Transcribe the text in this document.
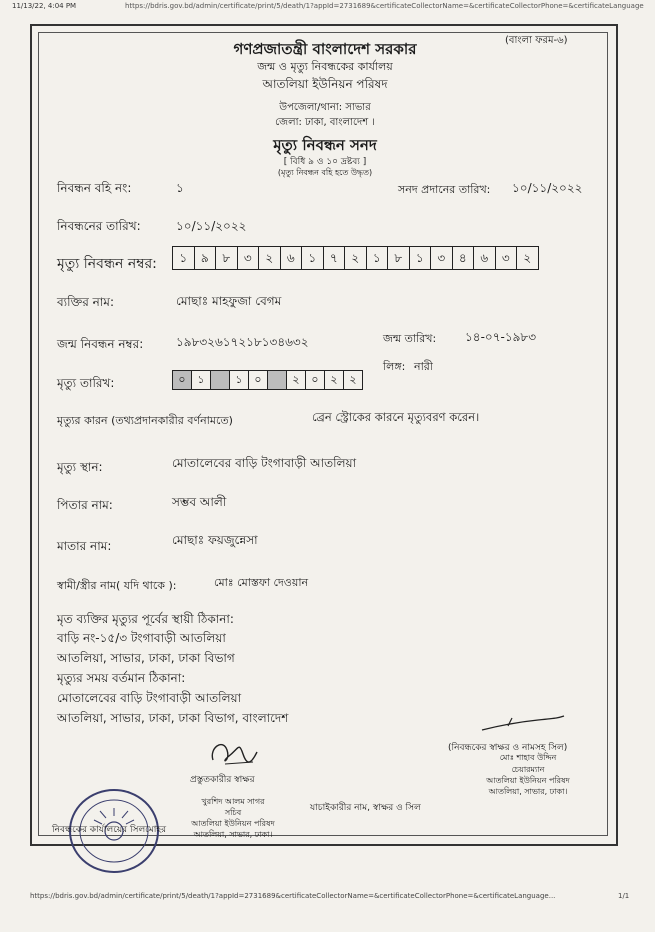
11/13/22, 4:04 PM	https://bdris.gov.bd/admin/certificate/print/5/death/1?appId=2731689&certificateCollectorName=&certificateCollectorPhone=&certificateLanguage
(বাংলা ফরম-৬)
গণপ্রজাতন্ত্রী বাংলাদেশ সরকার
জন্ম ও মৃত্যু নিবন্ধকের কার্যালয়
আতলিয়া ইউনিয়ন পরিষদ
উপজেলা/থানা: সাভার
জেলা: ঢাকা, বাংলাদেশ ।
মৃত্যু নিবন্ধন সনদ
[ বিধি ৯ ও ১০ দ্রষ্টব্য ]
(মৃত্যু নিবন্ধন বহি হতে উদ্ধৃত)
নিবন্ধন বহি নং:	১	সনদ প্রদানের তারিখ: ১০/১১/২০২২
নিবন্ধনের তারিখ:	১০/১১/২০২২
মৃত্যু নিবন্ধন নম্বর:	১	৯	৮	৩	২	৬	১	৭	২	১	৮	১	৩	৪	৬	৩	২
ব্যক্তির নাম:	মোছাঃ মাহফুজা বেগম
জন্ম নিবন্ধন নম্বর:	১৯৮৩২৬১৭২১৮১৩৪৬৩২	জন্ম তারিখ: ১৪-০৭-১৯৮৩
লিঙ্গ: নারী
মৃত্যু তারিখ:	০	১	১	০	২	০	২	২
মৃত্যুর কারন (তথ্যপ্রদানকারীর বর্ণনামতে)	ব্রেন স্ট্রোকের কারনে মৃত্যুবরণ করেন।
মৃত্যু স্থান:	মোতালেবের বাড়ি টংগাবাড়ী আতলিয়া
পিতার নাম:	সম্ভব আলী
মাতার নাম:	মোছাঃ ফয়জুন্নেসা
স্বামী/স্ত্রীর নাম( যদি থাকে ):	মোঃ মোস্তফা দেওয়ান
মৃত ব্যক্তির মৃত্যুর পূর্বের স্থায়ী ঠিকানা:
বাড়ি নং-১৫/৩ টংগাবাড়ী আতলিয়া
আতলিয়া, সাভার, ঢাকা, ঢাকা বিভাগ
মৃত্যুর সময় বর্তমান ঠিকানা:
মোতালেবের বাড়ি টংগাবাড়ী আতলিয়া
আতলিয়া, সাভার, ঢাকা, ঢাকা বিভাগ, বাংলাদেশ
প্রস্তুতকারীর স্বাক্ষর
(নিবন্ধকের স্বাক্ষর ও নামসহ সিল)
মোঃ শাহাব উদ্দিন
চেয়ারম্যান
আতলিয়া ইউনিয়ন পরিষদ
আতলিয়া, সাভার, ঢাকা।
খুরশিদ আলম সাগর
সচিব
আতলিয়া ইউনিয়ন পরিষদ
আতলিয়া, সাভার, ঢাকা।
যাচাইকারীর নাম, স্বাক্ষর ও সিল
নিবন্ধকের কার্যালয়ের সিলমোহর
https://bdris.gov.bd/admin/certificate/print/5/death/1?appId=2731689&certificateCollectorName=&certificateCollectorPhone=&certificateLanguage...	1/1
